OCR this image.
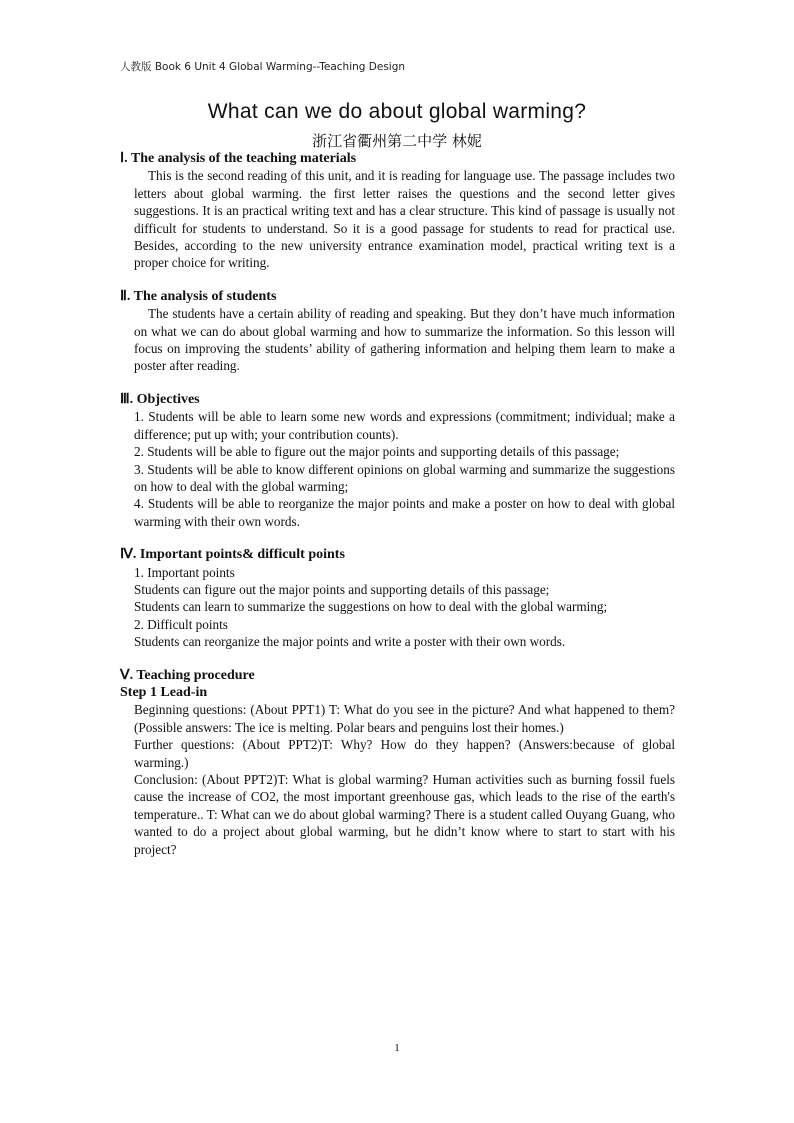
人教版 Book 6 Unit 4 Global Warming--Teaching Design
What can we do about global warming?
浙江省衢州第二中学 林妮

Ⅰ. The analysis of the teaching materials

This is the second reading of this unit, and it is reading for language use. The passage includes two letters about global warming. the first letter raises the questions and the second letter gives suggestions. It is an practical writing text and has a clear structure. This kind of passage is usually not difficult for students to understand. So it is a good passage for students to read for practical use. Besides, according to the new university entrance examination model, practical writing text is a proper choice for writing.

Ⅱ. The analysis of students

The students have a certain ability of reading and speaking. But they don’t have much information on what we can do about global warming and how to summarize the information. So this lesson will focus on improving the students’ ability of gathering information and helping them learn to make a poster after reading.

Ⅲ. Objectives

1. Students will be able to learn some new words and expressions (commitment; individual; make a difference; put up with; your contribution counts).

2. Students will be able to figure out the major points and supporting details of this passage;

3. Students will be able to know different opinions on global warming and summarize the suggestions on how to deal with the global warming;

4. Students will be able to reorganize the major points and make a poster on how to deal with global warming with their own words.

Ⅳ. Important points& difficult points

1. Important points

Students can figure out the major points and supporting details of this passage;

Students can learn to summarize the suggestions on how to deal with the global warming;

2. Difficult points

Students can reorganize the major points and write a poster with their own words.

Ⅴ. Teaching procedure

Step 1 Lead-in

Beginning questions: (About PPT1) T: What do you see in the picture? And what happened to them?(Possible answers: The ice is melting. Polar bears and penguins lost their homes.)

Further questions: (About PPT2)T: Why? How do they happen? (Answers:because of global warming.)

Conclusion: (About PPT2)T: What is global warming? Human activities such as burning fossil fuels cause the increase of CO2, the most important greenhouse gas, which leads to the rise of the earth's temperature.. T: What can we do about global warming? There is a student called Ouyang Guang, who wanted to do a project about global warming, but he didn’t know where to start to start with his project?

1
